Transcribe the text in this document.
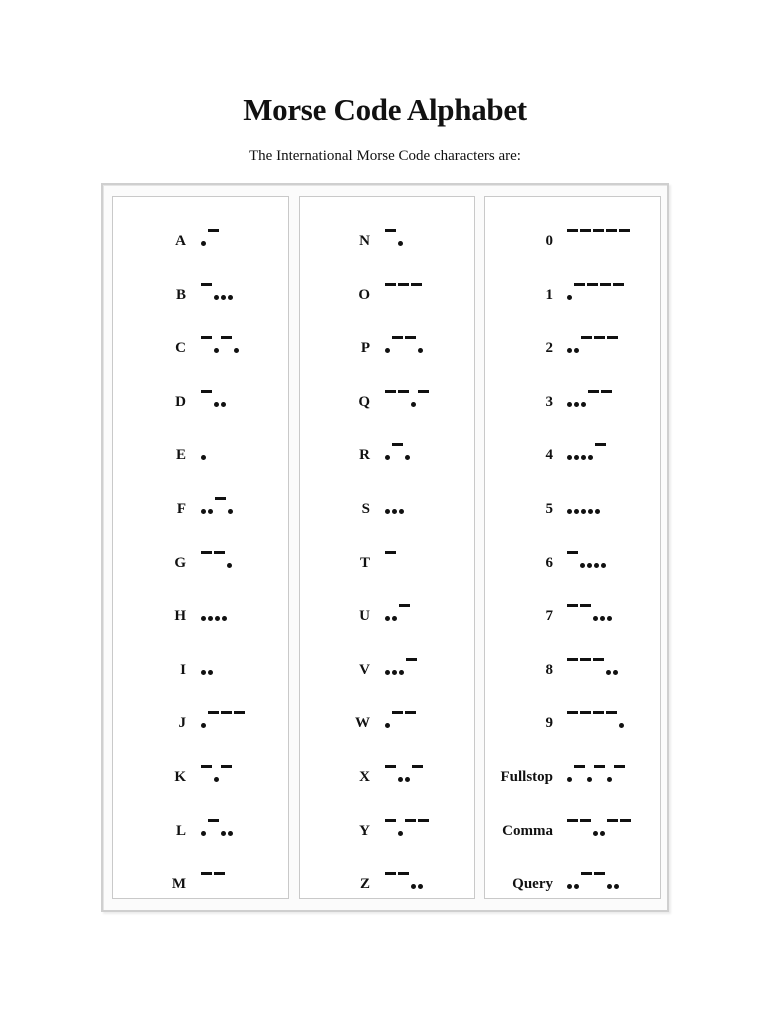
Morse Code Alphabet
The International Morse Code characters are:
A
B
C
D
E
F
G
H
I
J
K
L
M
N
O
P
Q
R
S
T
U
V
W
X
Y
Z
0
1
2
3
4
5
6
7
8
9
Fullstop
Comma
Query
